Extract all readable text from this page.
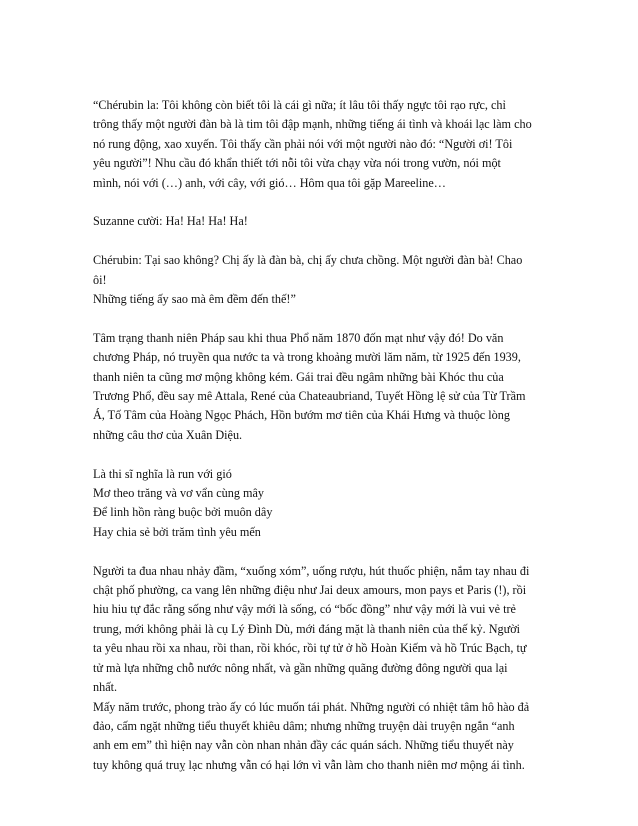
“Chérubin la: Tôi không còn biết tôi là cái gì nữa; ít lâu tôi thấy ngực tôi rạo rực, chỉ
trông thấy một người đàn bà là tim tôi đập mạnh, những tiếng ái tình và khoái lạc làm cho
nó rung động, xao xuyến. Tôi thấy cần phải nói với một người nào đó: “Người ơi! Tôi
yêu người”! Nhu cầu đó khẩn thiết tới nỗi tôi vừa chạy vừa nói trong vườn, nói một
mình, nói với (…) anh, với cây, với gió… Hôm qua tôi gặp Mareeline…

Suzanne cười: Ha! Ha! Ha! Ha!

Chérubin: Tại sao không? Chị ấy là đàn bà, chị ấy chưa chồng. Một người đàn bà! Chao
ôi!
Những tiếng ấy sao mà êm đềm đến thế!”

Tâm trạng thanh niên Pháp sau khi thua Phổ năm 1870 đốn mạt như vậy đó! Do văn
chương Pháp, nó truyền qua nước ta và trong khoảng mười lăm năm, từ 1925 đến 1939,
thanh niên ta cũng mơ mộng không kém. Gái trai đều ngâm những bài Khóc thu của
Trương Phổ, đều say mê Attala, René của Chateaubriand, Tuyết Hồng lệ sử của Từ Trầm
Á, Tố Tâm của Hoàng Ngọc Phách, Hồn bướm mơ tiên của Khái Hưng và thuộc lòng
những câu thơ của Xuân Diệu.

Là thi sĩ nghĩa là run với gió
Mơ theo trăng và vơ vẩn cùng mây
Để linh hồn ràng buộc bởi muôn dây
Hay chia sẻ bởi trăm tình yêu mến

Người ta đua nhau nhảy đầm, “xuống xóm”, uống rượu, hút thuốc phiện, nắm tay nhau đi
chật phố phường, ca vang lên những điệu như Jai deux amours, mon pays et Paris (!), rồi
hiu hiu tự đắc rằng sống như vậy mới là sống, có “bốc đồng” như vậy mới là vui vẻ trẻ
trung, mới không phải là cụ Lý Đình Dù, mới đáng mặt là thanh niên của thế kỷ. Người
ta yêu nhau rồi xa nhau, rồi than, rồi khóc, rồi tự tử ở hồ Hoàn Kiếm và hồ Trúc Bạch, tự
tử mà lựa những chỗ nước nông nhất, và gần những quãng đường đông người qua lại
nhất.

Mấy năm trước, phong trào ấy có lúc muốn tái phát. Những người có nhiệt tâm hô hào đả
đảo, cấm ngặt những tiểu thuyết khiêu dâm; nhưng những truyện dài truyện ngắn “anh
anh em em” thì hiện nay vẫn còn nhan nhản đầy các quán sách. Những tiểu thuyết này
tuy không quá truỵ lạc nhưng vẫn có hại lớn vì vẫn làm cho thanh niên mơ mộng ái tình.
